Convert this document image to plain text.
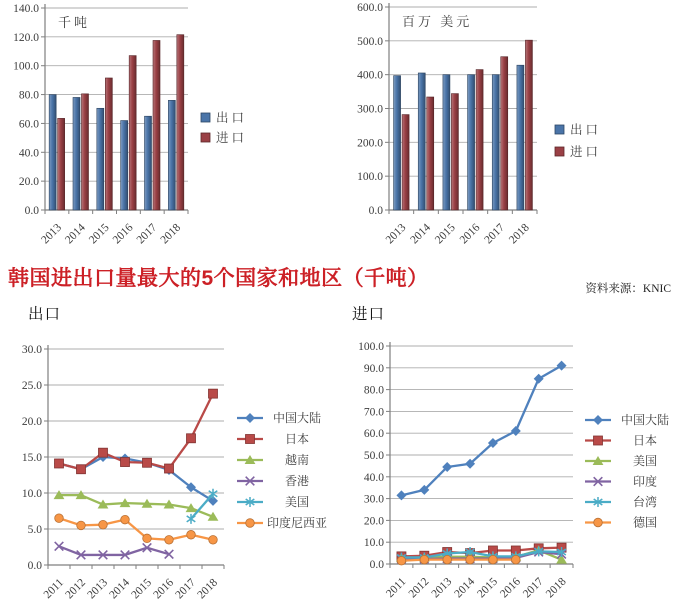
0.0
20.0
40.0
60.0
80.0
100.0
120.0
140.0
2013 2014 2015 2016 2017 2018
出口
进口
千吨
0.0
100.0
200.0
300.0
400.0
500.0
600.0
2013 2014 2015 2016 2017 2018
出口
进口
百万 美元
韩国进出口量最大的5个国家和地区（千吨）	资料来源：KNIC
出口	进口
0.0
5.0
10.0
15.0
20.0
25.0
30.0
2011
2012
2013
2014
2015
2016
2017
2018
中国大陆
日本
越南
香港
美国
印度尼西亚
0.0
10.0
20.0
30.0
40.0
50.0
60.0
70.0
80.0
90.0
100.0
2011
2012
2013
2014
2015
2016
2017
2018
中国大陆
日本
美国
印度
台湾
德国
